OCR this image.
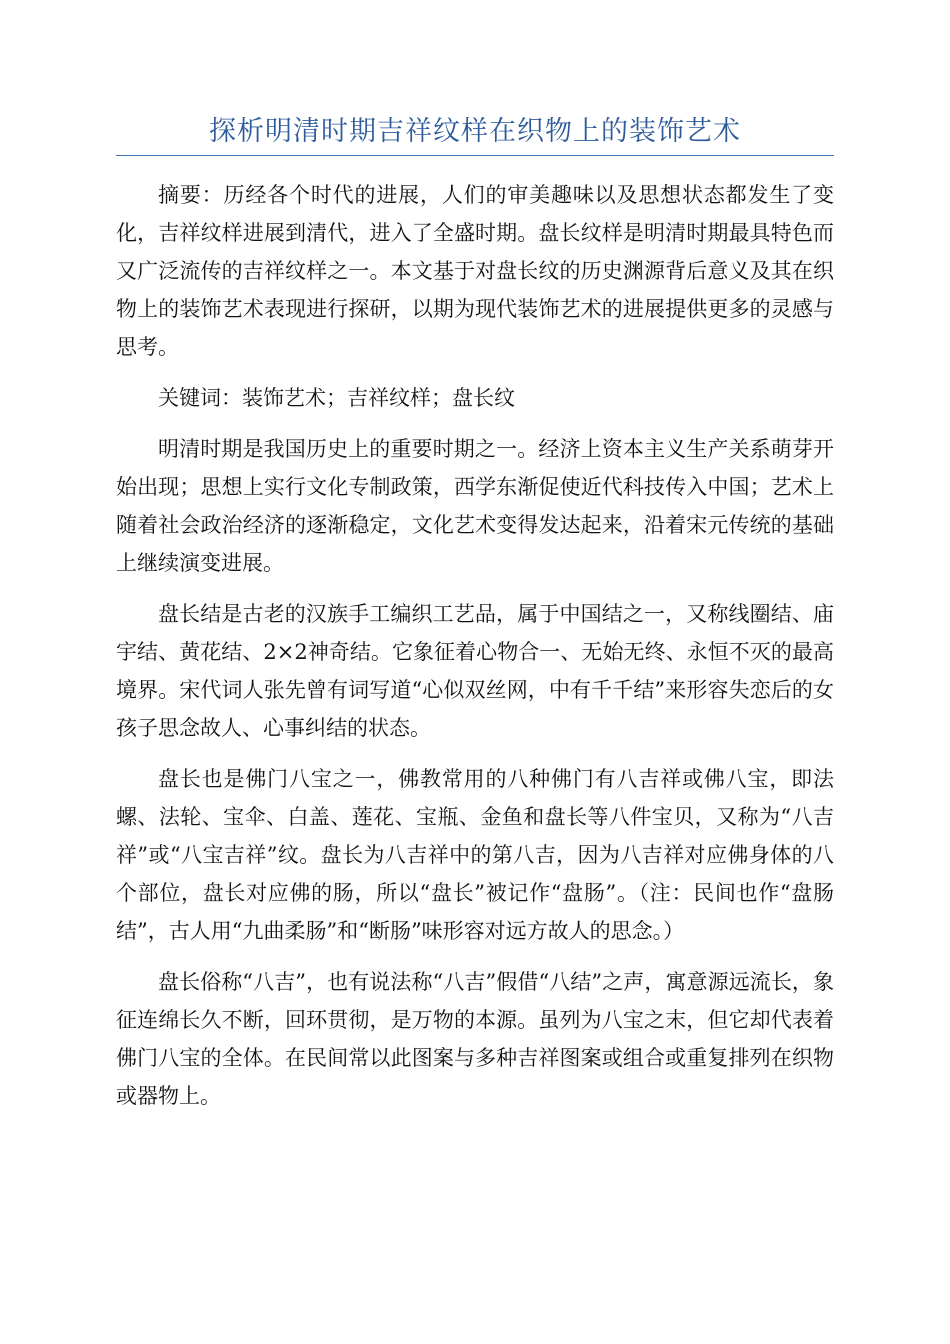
探析明清时期吉祥纹样在织物上的装饰艺术

摘要：历经各个时代的进展，人们的审美趣味以及思想状态都发生了变化，吉祥纹样进展到清代，进入了全盛时期。盘长纹样是明清时期最具特色而又广泛流传的吉祥纹样之一。本文基于对盘长纹的历史渊源背后意义及其在织物上的装饰艺术表现进行探研，以期为现代装饰艺术的进展提供更多的灵感与思考。

关键词：装饰艺术；吉祥纹样；盘长纹

明清时期是我国历史上的重要时期之一。经济上资本主义生产关系萌芽开始出现；思想上实行文化专制政策，西学东渐促使近代科技传入中国；艺术上随着社会政治经济的逐渐稳定，文化艺术变得发达起来，沿着宋元传统的基础上继续演变进展。

盘长结是古老的汉族手工编织工艺品，属于中国结之一，又称线圈结、庙宇结、黄花结、2×2神奇结。它象征着心物合一、无始无终、永恒不灭的最高境界。宋代词人张先曾有词写道“心似双丝网，中有千千结”来形容失恋后的女孩子思念故人、心事纠结的状态。

盘长也是佛门八宝之一，佛教常用的八种佛门有八吉祥或佛八宝，即法螺、法轮、宝伞、白盖、莲花、宝瓶、金鱼和盘长等八件宝贝，又称为“八吉祥”或“八宝吉祥”纹。盘长为八吉祥中的第八吉，因为八吉祥对应佛身体的八个部位，盘长对应佛的肠，所以“盘长”被记作“盘肠”。（注：民间也作“盘肠结”，古人用“九曲柔肠”和“断肠”味形容对远方故人的思念。）

盘长俗称“八吉”，也有说法称“八吉”假借“八结”之声，寓意源远流长，象征连绵长久不断，回环贯彻，是万物的本源。虽列为八宝之末，但它却代表着佛门八宝的全体。在民间常以此图案与多种吉祥图案或组合或重复排列在织物或器物上。
